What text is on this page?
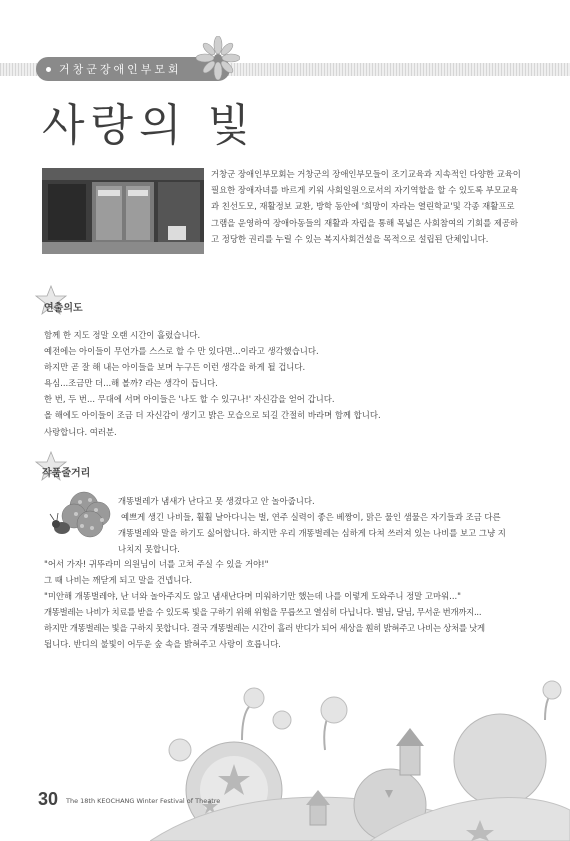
거창군장애인부모회
사랑의 빛
거창군 장애인부모회는 거창군의 장애인부모들이 조기교육과 지속적인 다양한 교육이
필요한 장애자녀를 바르게 키워 사회일원으로서의 자기역할을 할 수 있도록 부모교육
과 친선도모, 재활정보 교환, 방학 동안에 '희망이 자라는 열린학교'및 각종 재활프로
그램을 운영하여 장애아동들의 재활과 자립을 통해 목넓은 사회참여의 기회를 제공하
고 정당한 권리를 누릴 수 있는 복지사회건설을 목적으로 설립된 단체입니다.
연출의도
함께 한 지도 정말 오랜 시간이 흘렀습니다.
예전에는 아이들이 무언가를 스스로 할 수 만 있다면...이라고 생각했습니다.
하지만 곧 잘 해 내는 아이들을 보며 누구든 이런 생각을 하게 될 겁니다.
욕심...조금만 더...해 볼까? 라는 생각이 듭니다.
한 번, 두 번... 무대에 서며 아이들은 '나도 할 수 있구나!' 자신감을 얻어 갑니다.
올 해에도 아이들이 조금 더 자신감이 생기고 밝은 모습으로 되길 간절히 바라며 함께 합니다.
사랑합니다. 여러분.
작품줄거리
개똥벌레가 냄새가 난다고 못 생겼다고 안 놀아줍니다.
예쁘게 생긴 나비들, 훨훨 날아다니는 벌, 연주 실력이 좋은 베짱이, 맑은 물인 샘물은 자기들과 조금 다른
개똥벌레와 말을 하기도 싫어합니다. 하지만 우리 개똥벌레는 심하게 다쳐 쓰러져 있는 나비를 보고 그냥 지
나치지 못합니다.
"어서 가자! 귀뚜라미 의원님이 너를 고쳐 주실 수 있을 거야!"
그 때 나비는 깨닫게 되고 말을 건넵니다.
"미안해 개똥벌레야, 난 너와 놀아주지도 않고 냄새난다며 미워하기만 했는데 나를 이렇게 도와주니 정말 고마워..."
개똥벌레는 나비가 치료를 받을 수 있도록 빛을 구하기 위해 위험을 무릅쓰고 열심히 다닙니다. 별님, 달님, 무서운 번개까지...
하지만 개똥벌레는 빛을 구하지 못합니다. 결국 개똥벌레는 시간이 흘러 반디가 되어 세상을 훤히 밝혀주고 나비는 상처를 낫게
됩니다. 반디의 불빛이 어두운 숲 속을 밝혀주고 사랑이 흐릅니다.
30 The 18th KEOCHANG Winter Festival of Theatre
